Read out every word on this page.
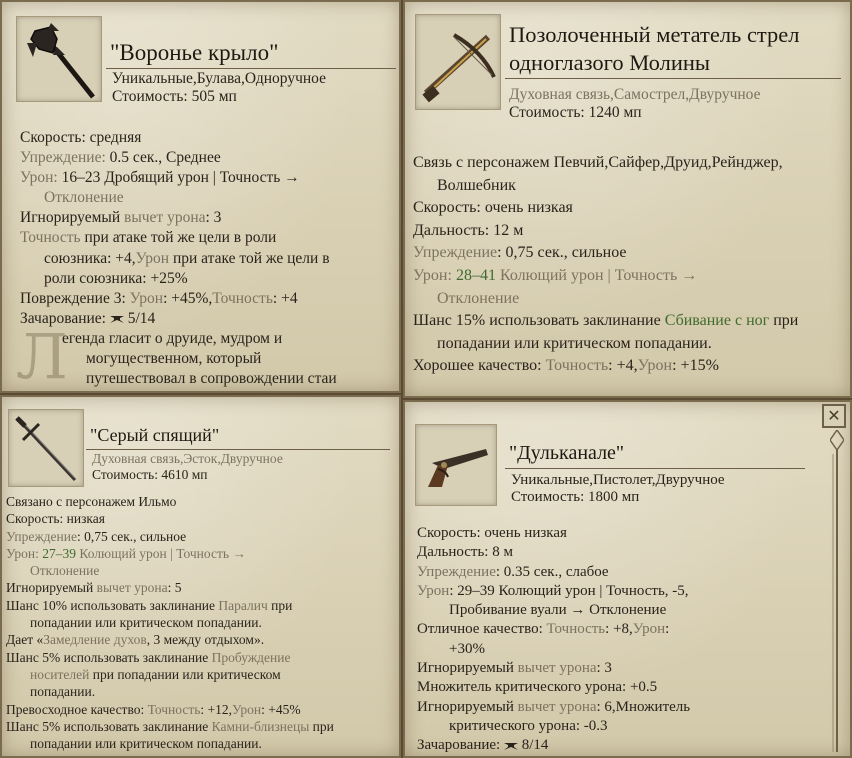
"Воронье крыло"
Уникальные,Булава,Одноручное
Стоимость: 505 мп
Скорость: средняя
Упреждение: 0.5 сек., Среднее
Урон: 16–23 Дробящий урон | Точность →
Отклонение
Игнорируемый вычет урона: 3
Точность при атаке той же цели в роли
союзника: +4,Урон при атаке той же цели в
роли союзника: +25%
Повреждение 3: Урон: +45%,Точность: +4
Зачарование:  5/14
егенда гласит о друиде, мудром и
могущественном, который
путешествовал в сопровождении стаи
Л
Позолоченный метатель стрел
одноглазого Молины
Духовная связь,Самострел,Двуручное
Стоимость: 1240 мп
Связь с персонажем Певчий,Сайфер,Друид,Рейнджер,
Волшебник
Скорость: очень низкая
Дальность: 12 м
Упреждение: 0,75 сек., сильное
Урон: 28–41 Колющий урон | Точность →
Отклонение
Шанс 15% использовать заклинание Сбивание с ног при
попадании или критическом попадании.
Хорошее качество: Точность: +4,Урон: +15%
"Серый спящий"
Духовная связь,Эсток,Двуручное
Стоимость: 4610 мп
Связано с персонажем Ильмо
Скорость: низкая
Упреждение: 0,75 сек., сильное
Урон: 27–39 Колющий урон | Точность →
Отклонение
Игнорируемый вычет урона: 5
Шанс 10% использовать заклинание Паралич при
попадании или критическом попадании.
Дает «Замедление духов, 3 между отдыхом».
Шанс 5% использовать заклинание Пробуждение
носителей при попадании или критическом
попадании.
Превосходное качество: Точность: +12,Урон: +45%
Шанс 5% использовать заклинание Камни-близнецы при
попадании или критическом попадании.
✕
"Дульканале"
Уникальные,Пистолет,Двуручное
Стоимость: 1800 мп
Скорость: очень низкая
Дальность: 8 м
Упреждение: 0.35 сек., слабое
Урон: 29–39 Колющий урон | Точность, -5,
Пробивание вуали → Отклонение
Отличное качество: Точность: +8,Урон:
+30%
Игнорируемый вычет урона: 3
Множитель критического урона: +0.5
Игнорируемый вычет урона: 6,Множитель
критического урона: -0.3
Зачарование:  8/14
